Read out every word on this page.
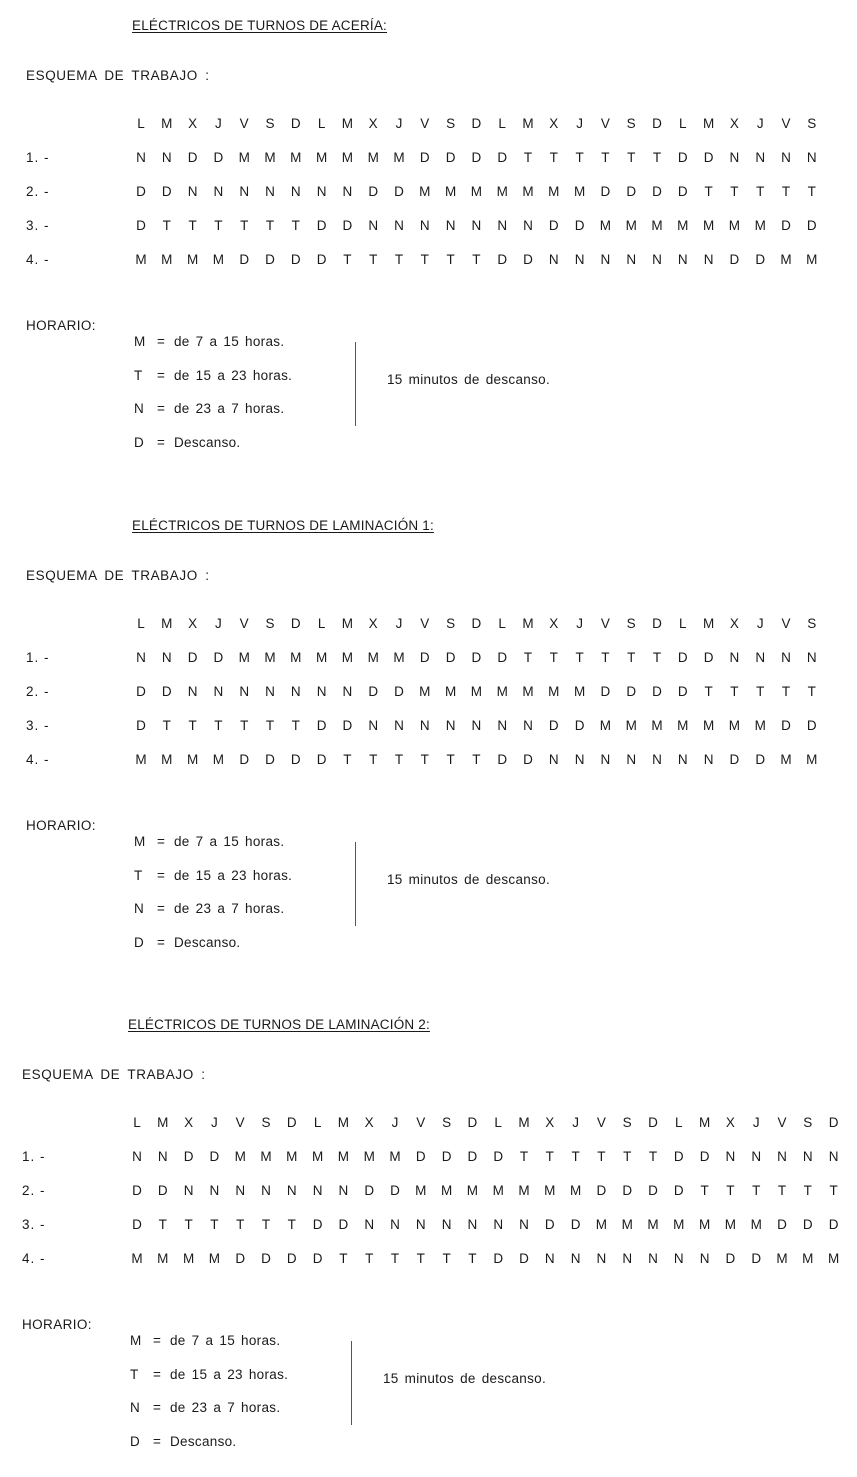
ELÉCTRICOS DE TURNOS DE ACERÍA:
ESQUEMA DE TRABAJO :
L	M	X	J	V	S	D	L	M	X	J	V	S	D	L	M	X	J	V	S	D	L	M	X	J	V	S
1. -	N	N	D	D	M	M	M	M	M	M	M	D	D	D	D	T	T	T	T	T	T	D	D	N	N	N	N
2. -	D	D	N	N	N	N	N	N	N	D	D	M	M	M	M	M	M	M	D	D	D	D	T	T	T	T	T
3. -	D	T	T	T	T	T	T	D	D	N	N	N	N	N	N	N	D	D	M	M	M	M	M	M	M	D	D
4. -	M	M	M	M	D	D	D	D	T	T	T	T	T	T	D	D	N	N	N	N	N	N	N	D	D	M	M
HORARIO:
M = de 7 a 15 horas.
T = de 15 a 23 horas.
N = de 23 a 7 horas.
D = Descanso.
15 minutos de descanso.
ELÉCTRICOS DE TURNOS DE LAMINACIÓN 1:
ESQUEMA DE TRABAJO :
L	M	X	J	V	S	D	L	M	X	J	V	S	D	L	M	X	J	V	S	D	L	M	X	J	V	S
1. -	N	N	D	D	M	M	M	M	M	M	M	D	D	D	D	T	T	T	T	T	T	D	D	N	N	N	N
2. -	D	D	N	N	N	N	N	N	N	D	D	M	M	M	M	M	M	M	D	D	D	D	T	T	T	T	T
3. -	D	T	T	T	T	T	T	D	D	N	N	N	N	N	N	N	D	D	M	M	M	M	M	M	M	D	D
4. -	M	M	M	M	D	D	D	D	T	T	T	T	T	T	D	D	N	N	N	N	N	N	N	D	D	M	M
HORARIO:
M = de 7 a 15 horas.
T = de 15 a 23 horas.
N = de 23 a 7 horas.
D = Descanso.
15 minutos de descanso.
ELÉCTRICOS DE TURNOS DE LAMINACIÓN 2:
ESQUEMA DE TRABAJO :
L	M	X	J	V	S	D	L	M	X	J	V	S	D	L	M	X	J	V	S	D	L	M	X	J	V	S	D
1. -	N	N	D	D	M	M	M	M	M	M	M	D	D	D	D	T	T	T	T	T	T	D	D	N	N	N	N	N
2. -	D	D	N	N	N	N	N	N	N	D	D	M	M	M	M	M	M	M	D	D	D	D	T	T	T	T	T	T
3. -	D	T	T	T	T	T	T	D	D	N	N	N	N	N	N	N	D	D	M	M	M	M	M	M	M	D	D	D
4. -	M	M	M	M	D	D	D	D	T	T	T	T	T	T	D	D	N	N	N	N	N	N	N	D	D	M	M	M
HORARIO:
M = de 7 a 15 horas.
T = de 15 a 23 horas.
N = de 23 a 7 horas.
D = Descanso.
15 minutos de descanso.
